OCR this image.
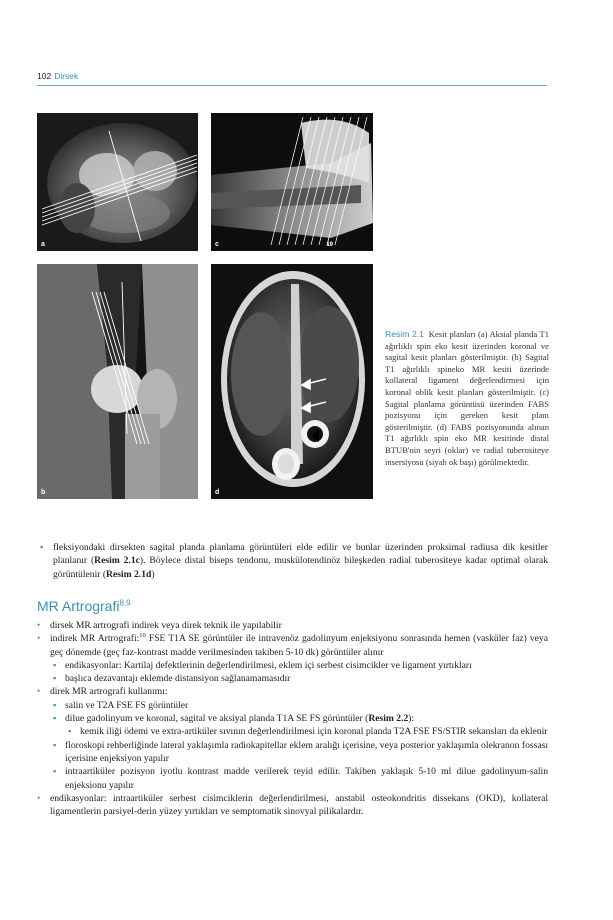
102 Dirsek
a	c	19
b	d
Resim 2.1 Kesit planları (a) Aksial planda T1 ağırlıklı spin eko kesit üzerinden koronal ve sagital kesit planları gösterilmiştir. (b) Sagital T1 ağırlıklı spineko MR kesiti üzerinde kollateral ligament değerlendirmesi için koronal oblik kesit planları gösterilmiştir. (c) Sagital planlama görüntüsü üzerinden FABS pozisyonu için gereken kesit planı gösterilmiştir. (d) FABS pozisyonunda alınan T1 ağırlıklı spin eko MR kesitinde distal BTUB'nin seyri (oklar) ve radial tuberositeye insersiyosu (siyah ok başı) görülmektedir.
▪ fleksiyondaki dirsekten sagital planda planlama görüntüleri elde edilir ve bunlar üzerinden proksimal radiusa dik kesitler planlanır (Resim 2.1c). Böylece distal biseps tendonu, muskülotendinöz bileşkeden radial tuberositeye kadar optimal olarak görüntülenir (Resim 2.1d)
MR Artrografi$^{8,9}$
• dirsek MR artrografi indirek veya direk teknik ile yapılabilir
• indirek MR Artrografi:$^{10}$ FSE T1A SE görüntüler ile intravenöz gadolinyum enjeksiyonu sonrasında hemen (vasküler faz) veya geç dönemde (geç faz-kontrast madde verilmesinden takiben 5-10 dk) görüntüler alınır
▪ endikasyonlar: Kartilaj defektlerinin değerlendirilmesi, eklem içi serbest cisimcikler ve ligament yırtıkları
▪ başlıca dezavantajı eklemde distansiyon sağlanamamasıdır
• direk MR artrografi kullanımı:
▪ salin ve T2A FSE FS görüntüler
▪ dilue gadolinyum ve koronal, sagital ve aksiyal planda T1A SE FS görüntüler (Resim 2.2):
▪ kemik iliği ödemi ve extra-artiküler sıvının değerlendirilmesi için koronal planda T2A FSE FS/STIR sekansları da eklenir
▪ floroskopi rehberliğinde lateral yaklaşımla radiokapitellar eklem aralığı içerisine, veya posterior yaklaşımla olekranon fossası içerisine enjeksiyon yapılır
▪ intraartiküler pozisyon iyotlu kontrast madde verilerek teyid edilir. Takiben yaklaşık 5-10 ml dilue gadolinyum-salin enjeksionu yapılır
• endikasyonlar: intraartiküler serbest cisimciklerin değerlendirilmesi, anstabil osteokondritis dissekans (OKD), kollateral ligamentlerin parsiyel-derin yüzey yırtıkları ve semptomatik sinovyal pilikalardır.
